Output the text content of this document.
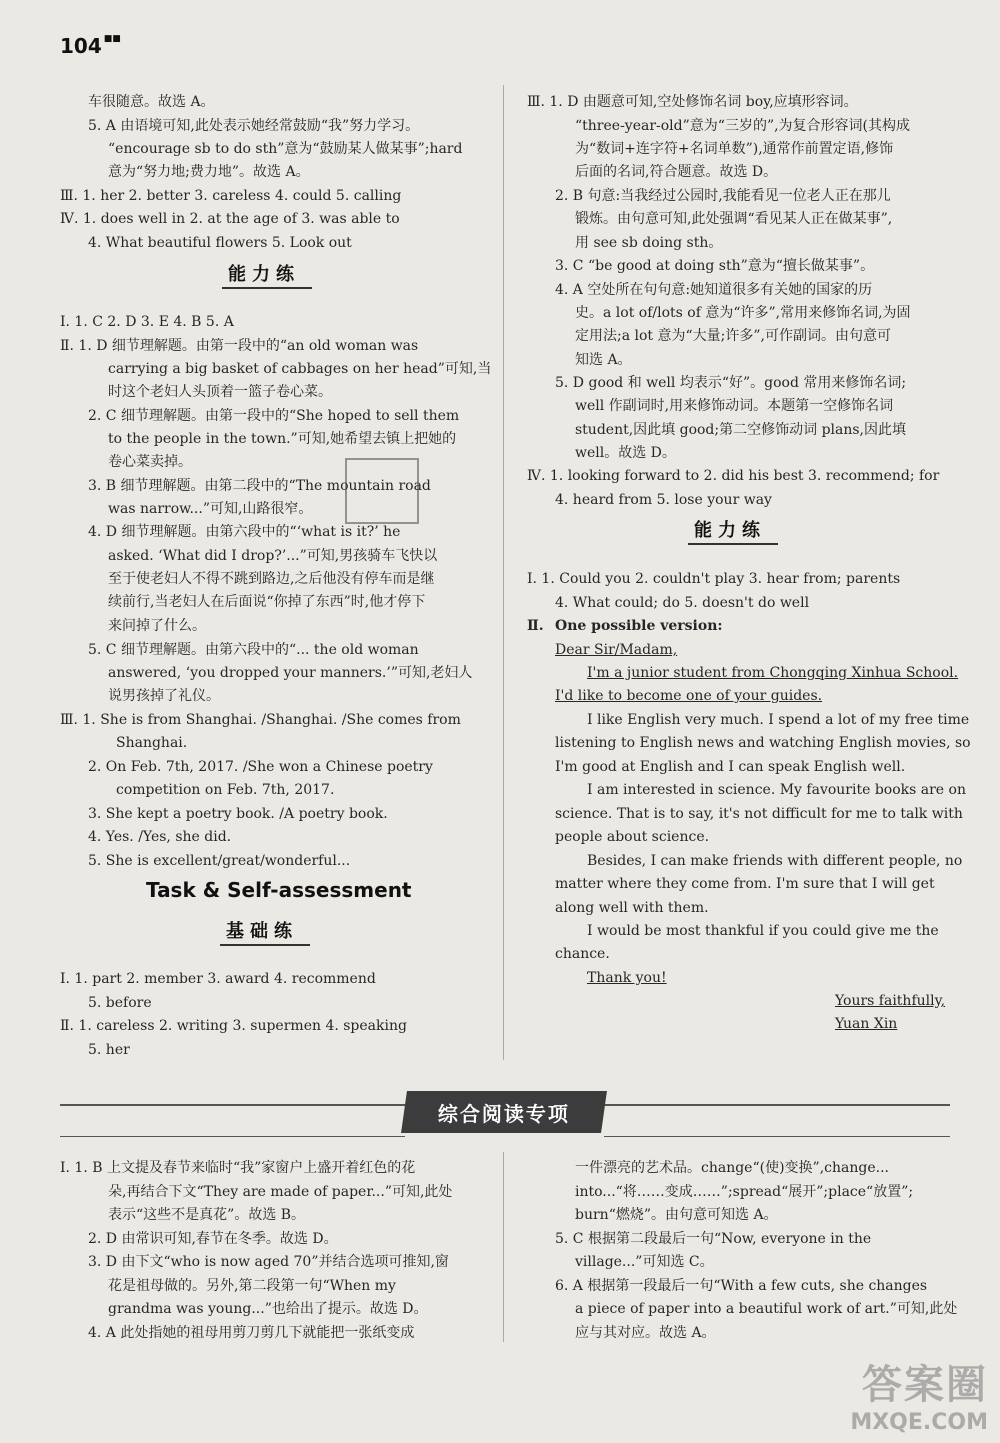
104 ■■
车很随意。故选 A。
5. A 由语境可知,此处表示她经常鼓励“我”努力学习。
“encourage sb to do sth”意为“鼓励某人做某事”;hard
意为“努力地;费力地”。故选 A。
Ⅲ. 1. her 2. better 3. careless 4. could 5. calling
Ⅳ. 1. does well in 2. at the age of 3. was able to
4. What beautiful flowers 5. Look out
Ⅰ. 1. C 2. D 3. E 4. B 5. A
Ⅱ. 1. D 细节理解题。由第一段中的“an old woman was
carrying a big basket of cabbages on her head”可知,当
时这个老妇人头顶着一篮子卷心菜。
2. C 细节理解题。由第一段中的“She hoped to sell them
to the people in the town.”可知,她希望去镇上把她的
卷心菜卖掉。
3. B 细节理解题。由第二段中的“The mountain road
was narrow...”可知,山路很窄。
4. D 细节理解题。由第六段中的“‘what is it?’ he
asked. ‘What did I drop?’...”可知,男孩骑车飞快以
至于使老妇人不得不跳到路边,之后他没有停车而是继
续前行,当老妇人在后面说“你掉了东西”时,他才停下
来问掉了什么。
5. C 细节理解题。由第六段中的“... the old woman
answered, ‘you dropped your manners.’”可知,老妇人
说男孩掉了礼仪。
Ⅲ. 1. She is from Shanghai. /Shanghai. /She comes from
Shanghai.
2. On Feb. 7th, 2017. /She won a Chinese poetry
competition on Feb. 7th, 2017.
3. She kept a poetry book. /A poetry book.
4. Yes. /Yes, she did.
5. She is excellent/great/wonderful...
Ⅰ. 1. part 2. member 3. award 4. recommend
5. before
Ⅱ. 1. careless 2. writing 3. supermen 4. speaking
5. her
能力练
Task & Self-assessment
基础练
Ⅲ. 1. D 由题意可知,空处修饰名词 boy,应填形容词。
“three-year-old”意为“三岁的”,为复合形容词(其构成
为“数词+连字符+名词单数”),通常作前置定语,修饰
后面的名词,符合题意。故选 D。
2. B 句意:当我经过公园时,我能看见一位老人正在那儿
锻炼。由句意可知,此处强调“看见某人正在做某事”,
用 see sb doing sth。
3. C “be good at doing sth”意为“擅长做某事”。
4. A 空处所在句句意:她知道很多有关她的国家的历
史。a lot of/lots of 意为“许多”,常用来修饰名词,为固
定用法;a lot 意为“大量;许多”,可作副词。由句意可
知选 A。
5. D good 和 well 均表示“好”。good 常用来修饰名词;
well 作副词时,用来修饰动词。本题第一空修饰名词
student,因此填 good;第二空修饰动词 plans,因此填
well。故选 D。
Ⅳ. 1. looking forward to 2. did his best 3. recommend; for
4. heard from 5. lose your way
Ⅰ. 1. Could you 2. couldn't play 3. hear from; parents
4. What could; do 5. doesn't do well
能力练
Ⅱ. One possible version:
Dear Sir/Madam,
I'm a junior student from Chongqing Xinhua School.
I'd like to become one of your guides.
I like English very much. I spend a lot of my free time
listening to English news and watching English movies, so
I'm good at English and I can speak English well.
I am interested in science. My favourite books are on
science. That is to say, it's not difficult for me to talk with
people about science.
Besides, I can make friends with different people, no
matter where they come from. I'm sure that I will get
along well with them.
I would be most thankful if you could give me the
chance.
Thank you!
Yours faithfully,
Yuan Xin
综合阅读专项
Ⅰ. 1. B 上文提及春节来临时“我”家窗户上盛开着红色的花
朵,再结合下文“They are made of paper...”可知,此处
表示“这些不是真花”。故选 B。
2. D 由常识可知,春节在冬季。故选 D。
3. D 由下文“who is now aged 70”并结合选项可推知,窗
花是祖母做的。另外,第二段第一句“When my
grandma was young...”也给出了提示。故选 D。
4. A 此处指她的祖母用剪刀剪几下就能把一张纸变成
一件漂亮的艺术品。change“(使)变换”,change...
into...“将……变成……”;spread“展开”;place“放置”;
burn“燃烧”。由句意可知选 A。
5. C 根据第二段最后一句“Now, everyone in the
village...”可知选 C。
6. A 根据第一段最后一句“With a few cuts, she changes
a piece of paper into a beautiful work of art.”可知,此处
应与其对应。故选 A。
答案圈
MXQE.COM
